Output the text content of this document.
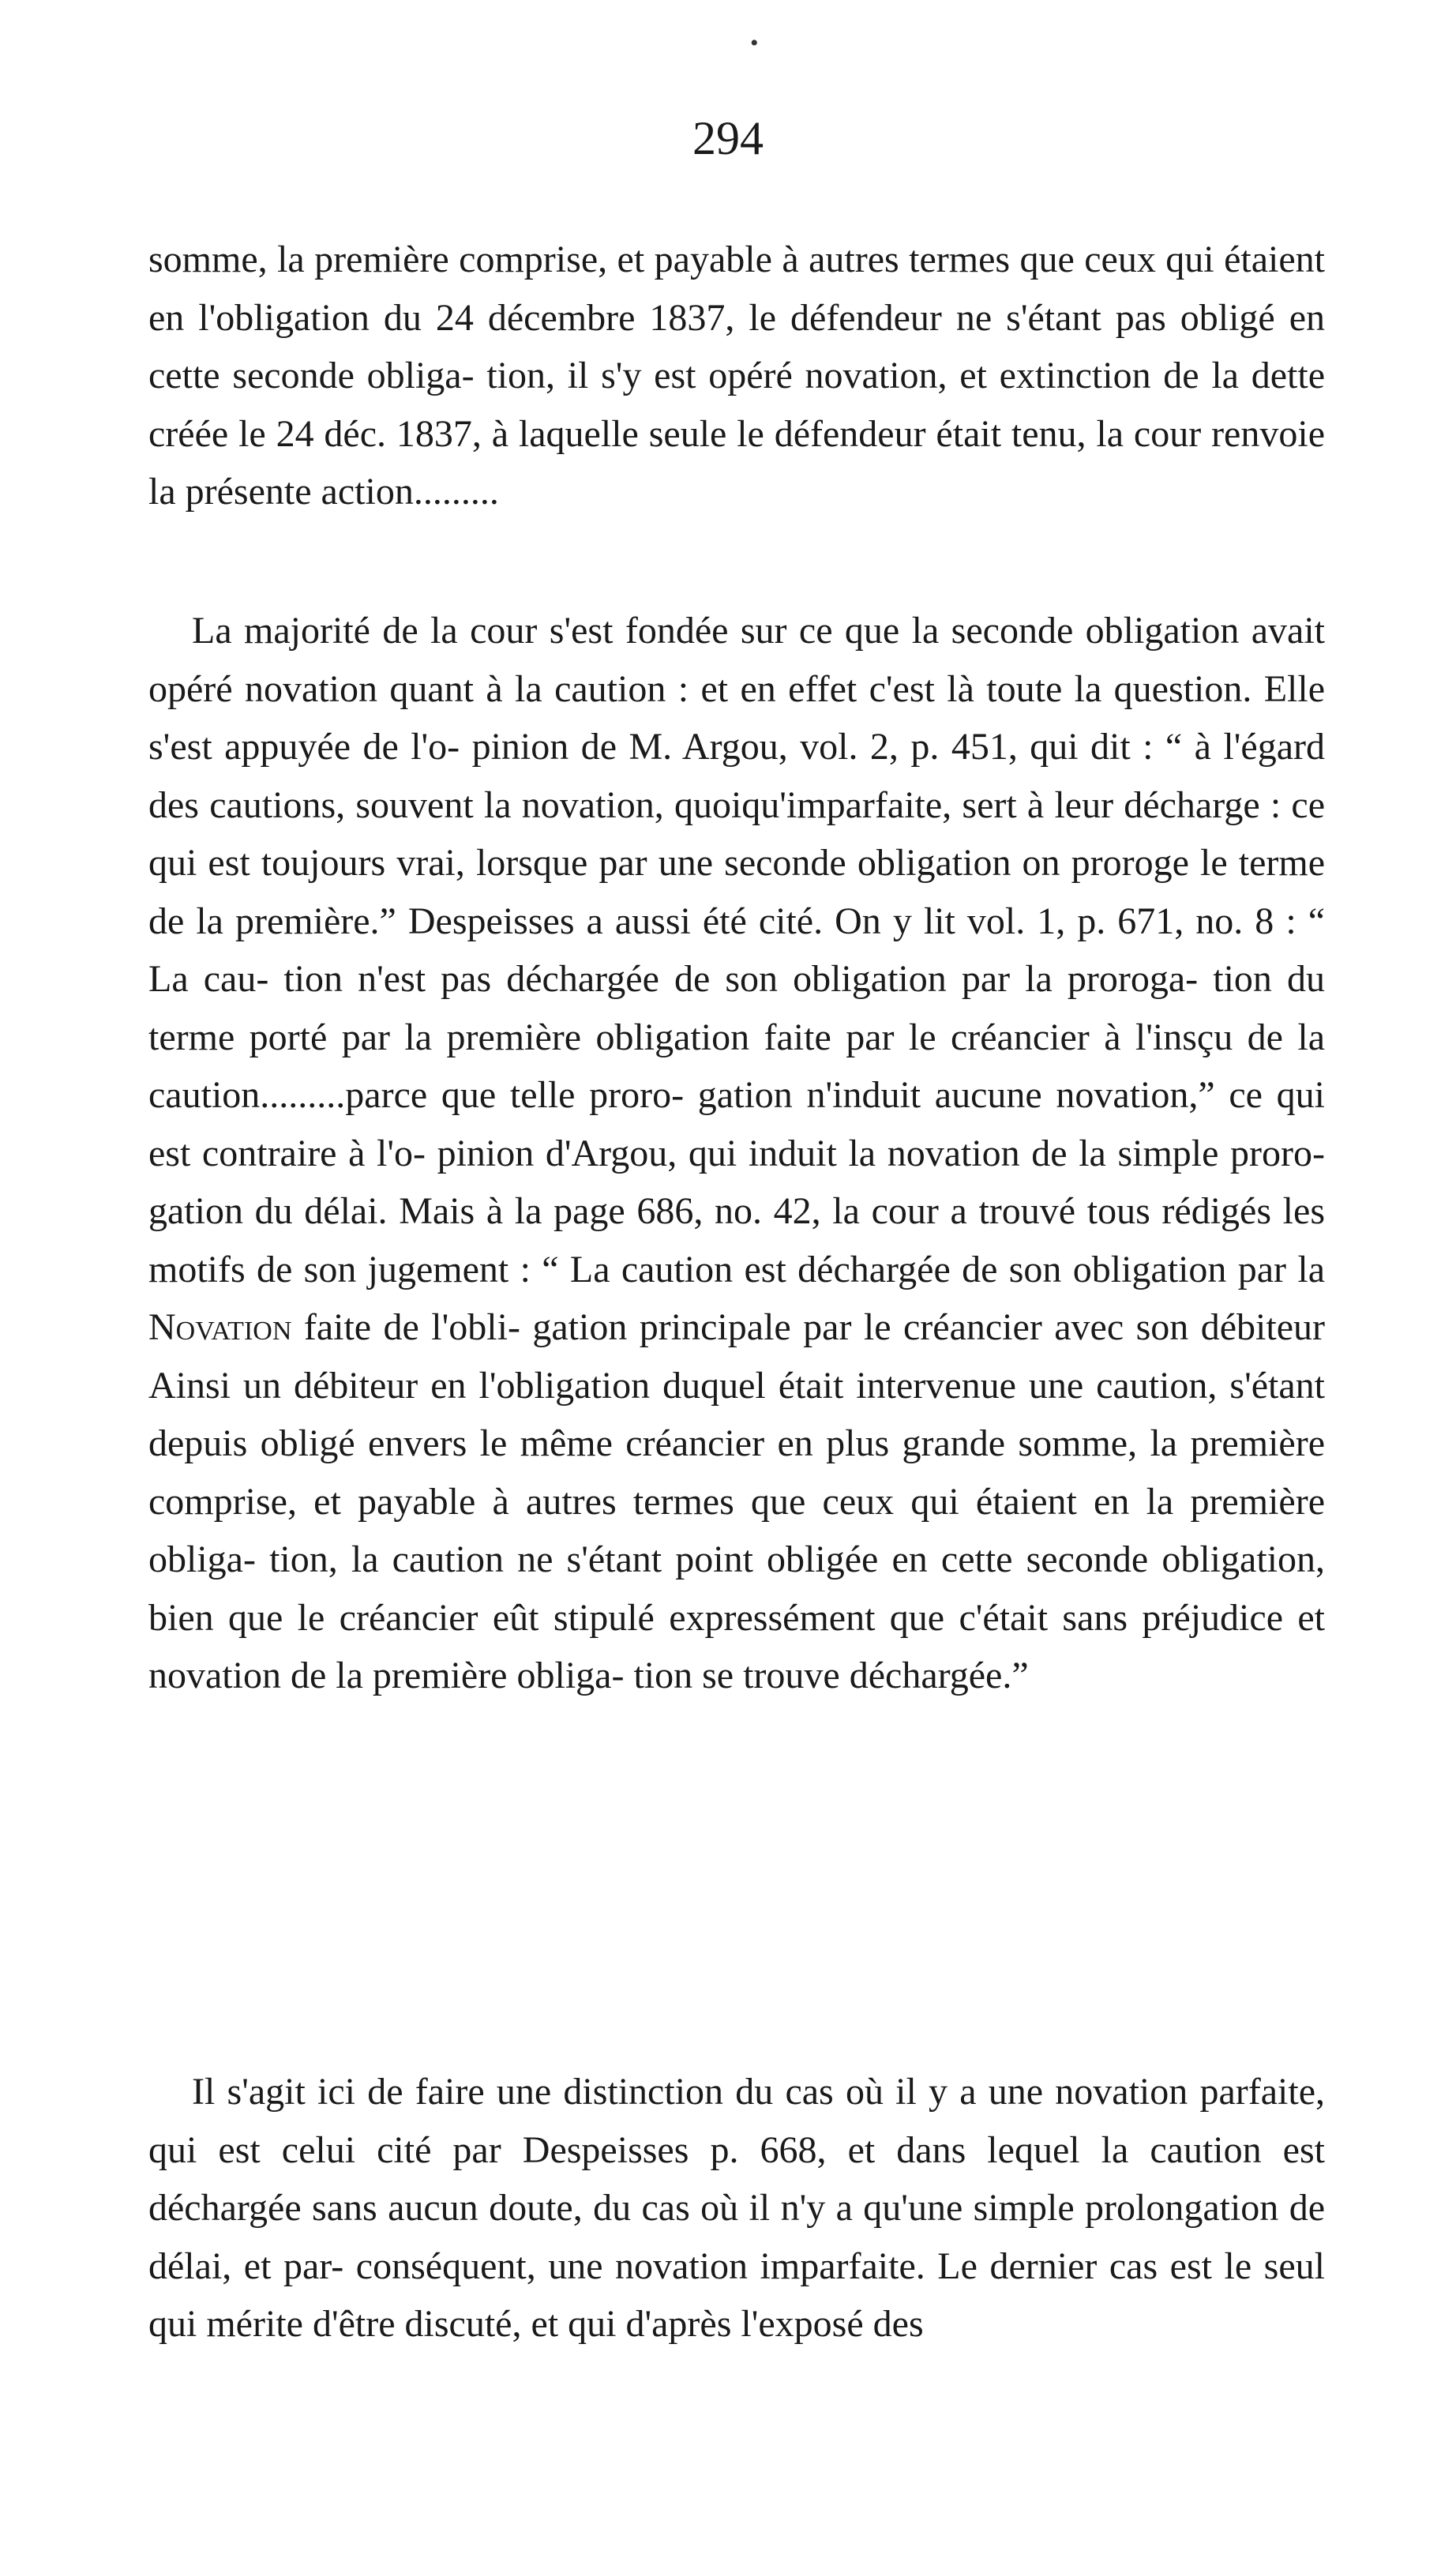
•
294

somme, la première comprise, et payable à autres termes que ceux qui étaient en l'obligation du 24 décembre 1837, le défendeur ne s'étant pas obligé en cette seconde obliga- tion, il s'y est opéré novation, et extinction de la dette créée le 24 déc. 1837, à laquelle seule le défendeur était tenu, la cour renvoie la présente action.........

La majorité de la cour s'est fondée sur ce que la seconde obligation avait opéré novation quant à la caution : et en effet c'est là toute la question. Elle s'est appuyée de l'o- pinion de M. Argou, vol. 2, p. 451, qui dit : “ à l'égard des cautions, souvent la novation, quoiqu'imparfaite, sert à leur décharge : ce qui est toujours vrai, lorsque par une seconde obligation on proroge le terme de la première.” Despeisses a aussi été cité. On y lit vol. 1, p. 671, no. 8 : “ La cau- tion n'est pas déchargée de son obligation par la proroga- tion du terme porté par la première obligation faite par le créancier à l'insçu de la caution.........parce que telle proro- gation n'induit aucune novation,” ce qui est contraire à l'o- pinion d'Argou, qui induit la novation de la simple proro- gation du délai. Mais à la page 686, no. 42, la cour a trouvé tous rédigés les motifs de son jugement : “ La caution est déchargée de son obligation par la Novation faite de l'obli- gation principale par le créancier avec son débiteur Ainsi un débiteur en l'obligation duquel était intervenue une caution, s'étant depuis obligé envers le même créancier en plus grande somme, la première comprise, et payable à autres termes que ceux qui étaient en la première obliga- tion, la caution ne s'étant point obligée en cette seconde obligation, bien que le créancier eût stipulé expressément que c'était sans préjudice et novation de la première obliga- tion se trouve déchargée.”

Il s'agit ici de faire une distinction du cas où il y a une novation parfaite, qui est celui cité par Despeisses p. 668, et dans lequel la caution est déchargée sans aucun doute, du cas où il n'y a qu'une simple prolongation de délai, et par- conséquent, une novation imparfaite. Le dernier cas est le seul qui mérite d'être discuté, et qui d'après l'exposé des
